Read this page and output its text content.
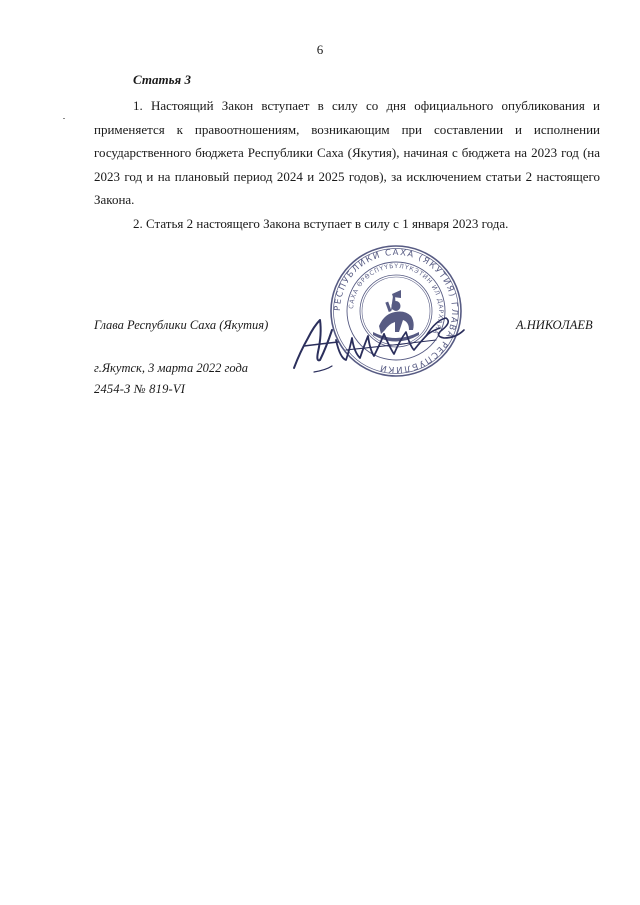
6
Статья 3

1. Настоящий Закон вступает в силу со дня официального опубликования и применяется к правоотношениям, возникающим при составлении и исполнении государственного бюджета Республики Саха (Якутия), начиная с бюджета на 2023 год (на 2023 год и на плановый период 2024 и 2025 годов), за исключением статьи 2 настоящего Закона.

2. Статья 2 настоящего Закона вступает в силу с 1 января 2023 года.

РЕСПУБЛИКИ САХА (ЯКУТИЯ) ГЛАВА РЕСПУБЛИКИ
САХА ӨРӨСПҮҮБҮЛҮКЭТИН ИЛ ДАРХАНА
Глава Республики Саха (Якутия)	А.НИКОЛАЕВ
г.Якутск, 3 марта 2022 года
2454-З № 819-VI
